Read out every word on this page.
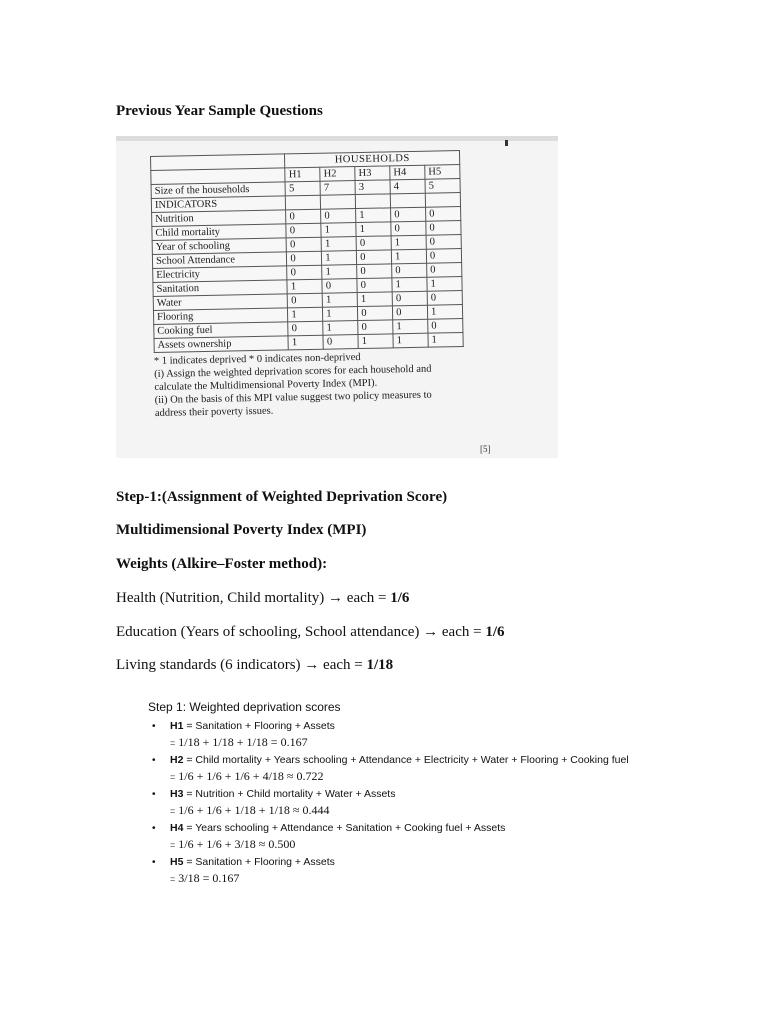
Previous Year Sample Questions
	HOUSEHOLDS				
	H1	H2	H3	H4	H5
Size of the households	5	7	3	4	5
INDICATORS					
Nutrition	0	0	1	0	0
Child mortality	0	1	1	0	0
Year of schooling	0	1	0	1	0
School Attendance	0	1	0	1	0
Electricity	0	1	0	0	0
Sanitation	1	0	0	1	1
Water	0	1	1	0	0
Flooring	1	1	0	0	1
Cooking fuel	0	1	0	1	0
Assets ownership	1	0	1	1	1
* 1 indicates deprived * 0 indicates non-deprived
(i) Assign the weighted deprivation scores for each household and calculate the Multidimensional Poverty Index (MPI).
(ii) On the basis of this MPI value suggest two policy measures to address their poverty issues.
[5]
Step-1:(Assignment of Weighted Deprivation Score)
Multidimensional Poverty Index (MPI)
Weights (Alkire–Foster method):

Health (Nutrition, Child mortality) → each = 1/6

Education (Years of schooling, School attendance) → each = 1/6

Living standards (6 indicators) → each = 1/18

Step 1: Weighted deprivation scores
• H1 = Sanitation + Flooring + Assets
= 1/18 + 1/18 + 1/18 = 0.167
• H2 = Child mortality + Years schooling + Attendance + Electricity + Water + Flooring + Cooking fuel
= 1/6 + 1/6 + 1/6 + 4/18 ≈ 0.722
• H3 = Nutrition + Child mortality + Water + Assets
= 1/6 + 1/6 + 1/18 + 1/18 ≈ 0.444
• H4 = Years schooling + Attendance + Sanitation + Cooking fuel + Assets
= 1/6 + 1/6 + 3/18 ≈ 0.500
• H5 = Sanitation + Flooring + Assets
= 3/18 = 0.167
